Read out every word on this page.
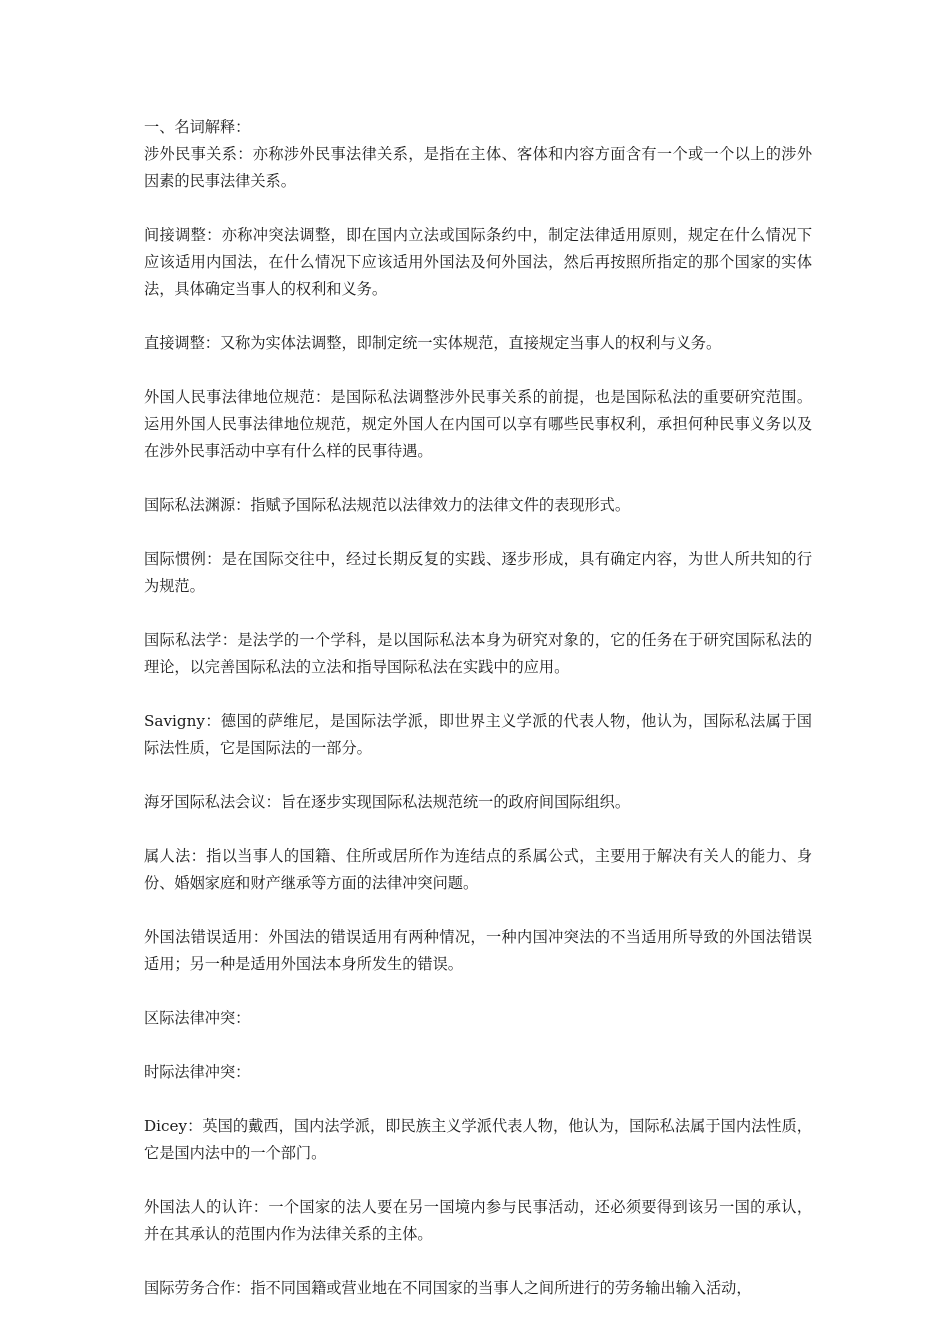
一、名词解释：

涉外民事关系：亦称涉外民事法律关系，是指在主体、客体和内容方面含有一个或一个以上的涉外因素的民事法律关系。

间接调整：亦称冲突法调整，即在国内立法或国际条约中，制定法律适用原则，规定在什么情况下应该适用内国法，在什么情况下应该适用外国法及何外国法，然后再按照所指定的那个国家的实体法，具体确定当事人的权利和义务。

直接调整：又称为实体法调整，即制定统一实体规范，直接规定当事人的权利与义务。

外国人民事法律地位规范：是国际私法调整涉外民事关系的前提，也是国际私法的重要研究范围。运用外国人民事法律地位规范，规定外国人在内国可以享有哪些民事权利，承担何种民事义务以及在涉外民事活动中享有什么样的民事待遇。

国际私法渊源：指赋予国际私法规范以法律效力的法律文件的表现形式。

国际惯例：是在国际交往中，经过长期反复的实践、逐步形成，具有确定内容，为世人所共知的行为规范。

国际私法学：是法学的一个学科，是以国际私法本身为研究对象的，它的任务在于研究国际私法的理论，以完善国际私法的立法和指导国际私法在实践中的应用。

Savigny：德国的萨维尼，是国际法学派，即世界主义学派的代表人物，他认为，国际私法属于国际法性质，它是国际法的一部分。

海牙国际私法会议：旨在逐步实现国际私法规范统一的政府间国际组织。

属人法：指以当事人的国籍、住所或居所作为连结点的系属公式，主要用于解决有关人的能力、身份、婚姻家庭和财产继承等方面的法律冲突问题。

外国法错误适用：外国法的错误适用有两种情况，一种内国冲突法的不当适用所导致的外国法错误适用；另一种是适用外国法本身所发生的错误。

区际法律冲突：

时际法律冲突：

Dicey：英国的戴西，国内法学派，即民族主义学派代表人物，他认为，国际私法属于国内法性质，它是国内法中的一个部门。

外国法人的认许：一个国家的法人要在另一国境内参与民事活动，还必须要得到该另一国的承认，并在其承认的范围内作为法律关系的主体。

国际劳务合作：指不同国籍或营业地在不同国家的当事人之间所进行的劳务输出输入活动，
